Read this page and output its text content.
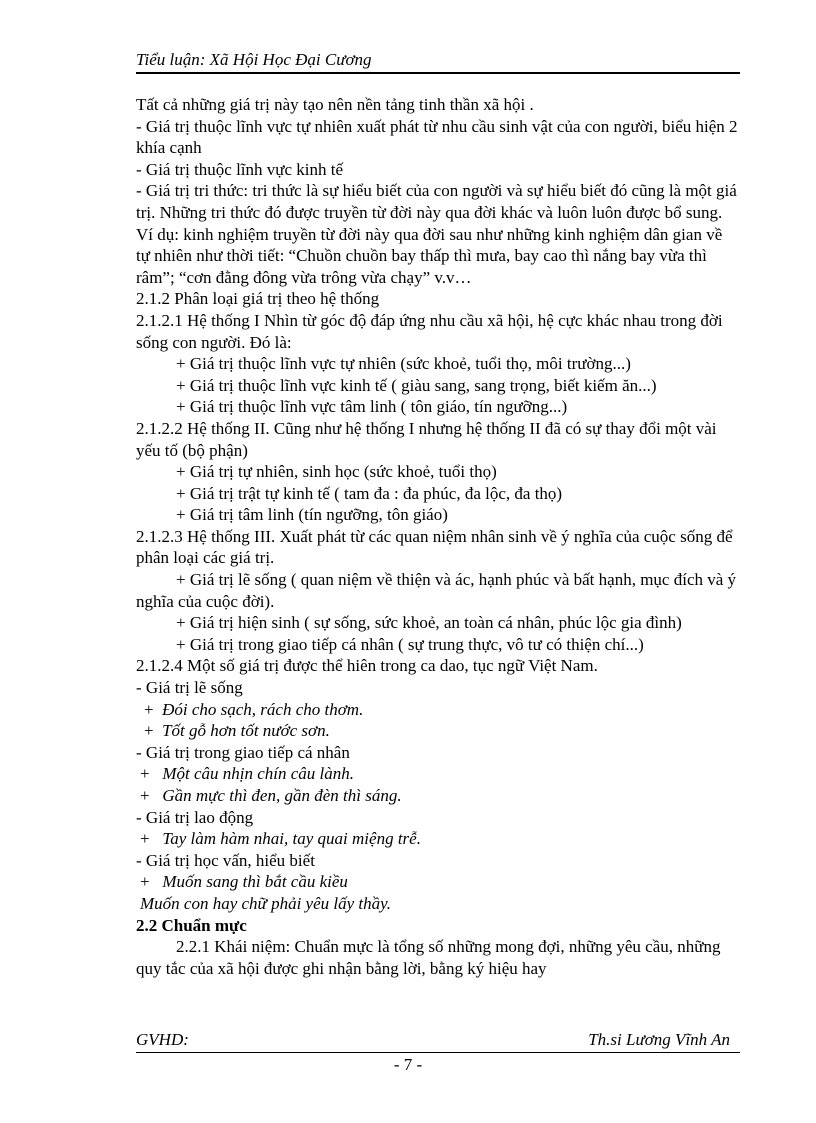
Tiểu luận: Xã Hội Học Đại Cương

Tất cả những giá trị này tạo nên nền tảng tinh thần xã hội .

- Giá trị thuộc lĩnh vực tự nhiên xuất phát từ nhu cầu sinh vật của con người, biểu hiện 2 khía cạnh

- Giá trị thuộc lĩnh vực kinh tế

- Giá trị tri thức: tri thức là sự hiểu biết của con người và sự hiểu biết đó cũng là một giá trị. Những tri thức đó được truyền từ đời này qua đời khác và luôn luôn được bổ sung.

Ví dụ: kinh nghiệm truyền từ đời này qua đời sau như những kinh nghiệm dân gian về tự nhiên như thời tiết: “Chuồn chuồn bay thấp thì mưa, bay cao thì nắng bay vừa thì râm”; “cơn đằng đông vừa trông vừa chạy” v.v…

2.1.2 Phân loại giá trị theo hệ thống

2.1.2.1 Hệ thống I Nhìn từ góc độ đáp ứng nhu cầu xã hội, hệ cực khác nhau trong đời sống con người. Đó là:

+ Giá trị thuộc lĩnh vực tự nhiên (sức khoẻ, tuổi thọ, môi trường...)

+ Giá trị thuộc lĩnh vực kinh tế ( giàu sang, sang trọng, biết kiếm ăn...)

+ Giá trị thuộc lĩnh vực tâm linh ( tôn giáo, tín ngưỡng...)

2.1.2.2 Hệ thống II. Cũng như hệ thống I nhưng hệ thống II đã có sự thay đổi một vài yếu tố (bộ phận)

+ Giá trị tự nhiên, sinh học (sức khoẻ, tuổi thọ)

+ Giá trị trật tự kinh tế ( tam đa : đa phúc, đa lộc, đa thọ)

+ Giá trị tâm linh (tín ngưỡng, tôn giáo)

2.1.2.3 Hệ thống III. Xuất phát từ các quan niệm nhân sinh về ý nghĩa của cuộc sống để phân loại các giá trị.

+ Giá trị lẽ sống ( quan niệm về thiện và ác, hạnh phúc và bất hạnh, mục đích và ý nghĩa của cuộc đời).

+ Giá trị hiện sinh ( sự sống, sức khoẻ, an toàn cá nhân, phúc lộc gia đình)

+ Giá trị trong giao tiếp cá nhân ( sự trung thực, vô tư có thiện chí...)

2.1.2.4 Một số giá trị được thể hiên trong ca dao, tục ngữ Việt Nam.

- Giá trị lẽ sống

+ Đói cho sạch, rách cho thơm.

+ Tốt gỗ hơn tốt nước sơn.

- Giá trị trong giao tiếp cá nhân

+ Một câu nhịn chín câu lành.

+ Gần mực thì đen, gần đèn thì sáng.

- Giá trị lao động

+ Tay làm hàm nhai, tay quai miệng trễ.

- Giá trị học vấn, hiểu biết

+ Muốn sang thì bắt cầu kiều

Muốn con hay chữ phải yêu lấy thầy.

2.2 Chuẩn mực

2.2.1 Khái niệm: Chuẩn mực là tổng số những mong đợi, những yêu cầu, những quy tắc của xã hội được ghi nhận bằng lời, bằng ký hiệu hay

GVHD:	Th.si Lương Vĩnh An
- 7 -
